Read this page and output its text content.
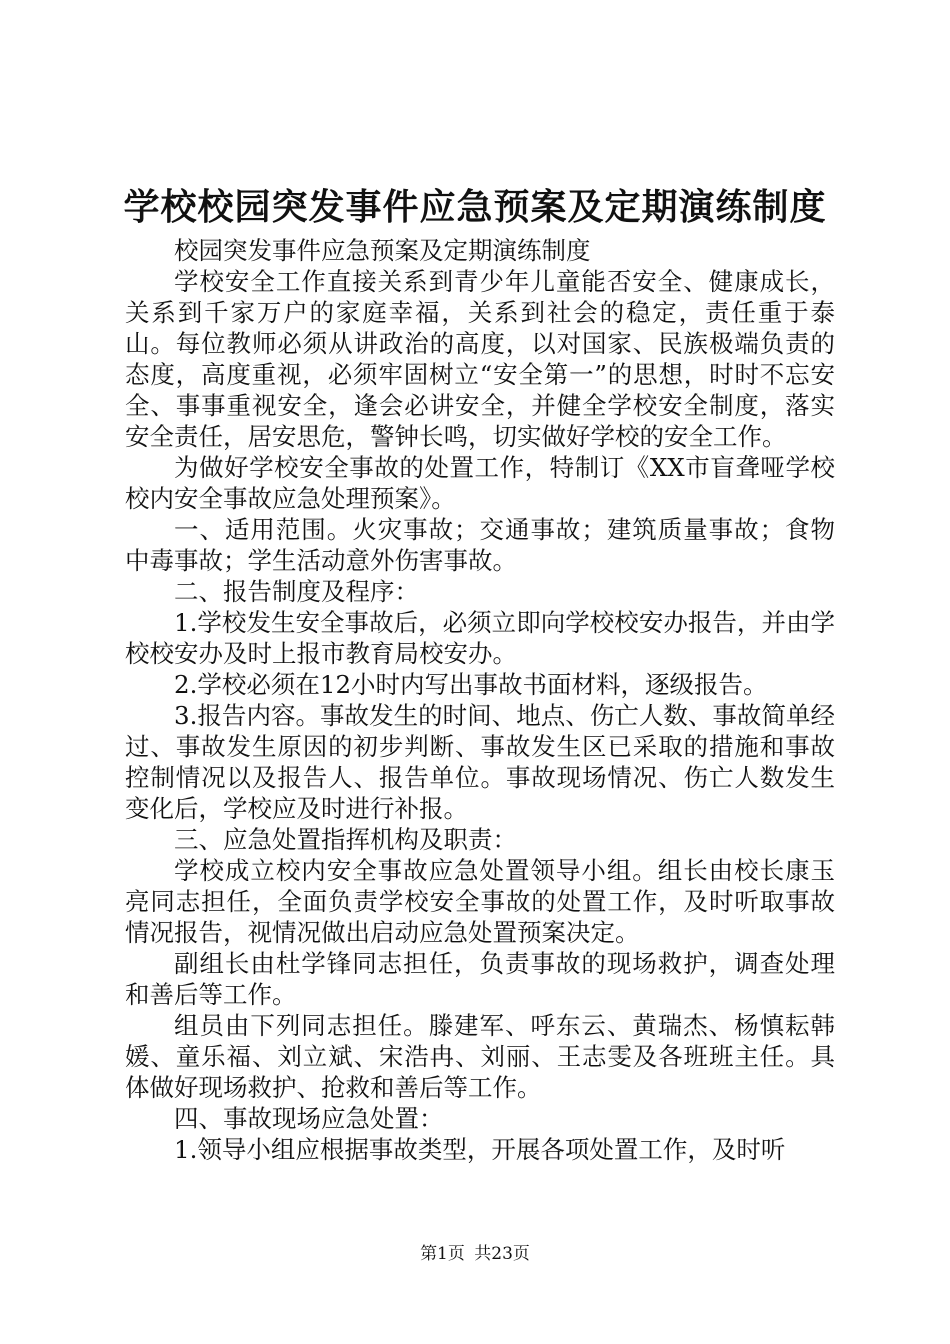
学校校园突发事件应急预案及定期演练制度

校园突发事件应急预案及定期演练制度

学校安全工作直接关系到青少年儿童能否安全、健康成长，关系到千家万户的家庭幸福，关系到社会的稳定，责任重于泰山。每位教师必须从讲政治的高度，以对国家、民族极端负责的态度，高度重视，必须牢固树立“安全第一”的思想，时时不忘安全、事事重视安全，逢会必讲安全，并健全学校安全制度，落实安全责任，居安思危，警钟长鸣，切实做好学校的安全工作。

为做好学校安全事故的处置工作，特制订《XX市盲聋哑学校校内安全事故应急处理预案》。

一、适用范围。火灾事故；交通事故；建筑质量事故；食物中毒事故；学生活动意外伤害事故。

二、报告制度及程序：

1.学校发生安全事故后，必须立即向学校校安办报告，并由学校校安办及时上报市教育局校安办。

2.学校必须在12小时内写出事故书面材料，逐级报告。

3.报告内容。事故发生的时间、地点、伤亡人数、事故简单经过、事故发生原因的初步判断、事故发生区已采取的措施和事故控制情况以及报告人、报告单位。事故现场情况、伤亡人数发生变化后，学校应及时进行补报。

三、应急处置指挥机构及职责：

学校成立校内安全事故应急处置领导小组。组长由校长康玉亮同志担任，全面负责学校安全事故的处置工作，及时听取事故情况报告，视情况做出启动应急处置预案决定。

副组长由杜学锋同志担任，负责事故的现场救护，调查处理和善后等工作。

组员由下列同志担任。滕建军、呼东云、黄瑞杰、杨慎耘韩媛、童乐福、刘立斌、宋浩冉、刘丽、王志雯及各班班主任。具体做好现场救护、抢救和善后等工作。

四、事故现场应急处置：

1.领导小组应根据事故类型，开展各项处置工作，及时听

第1页 共23页
